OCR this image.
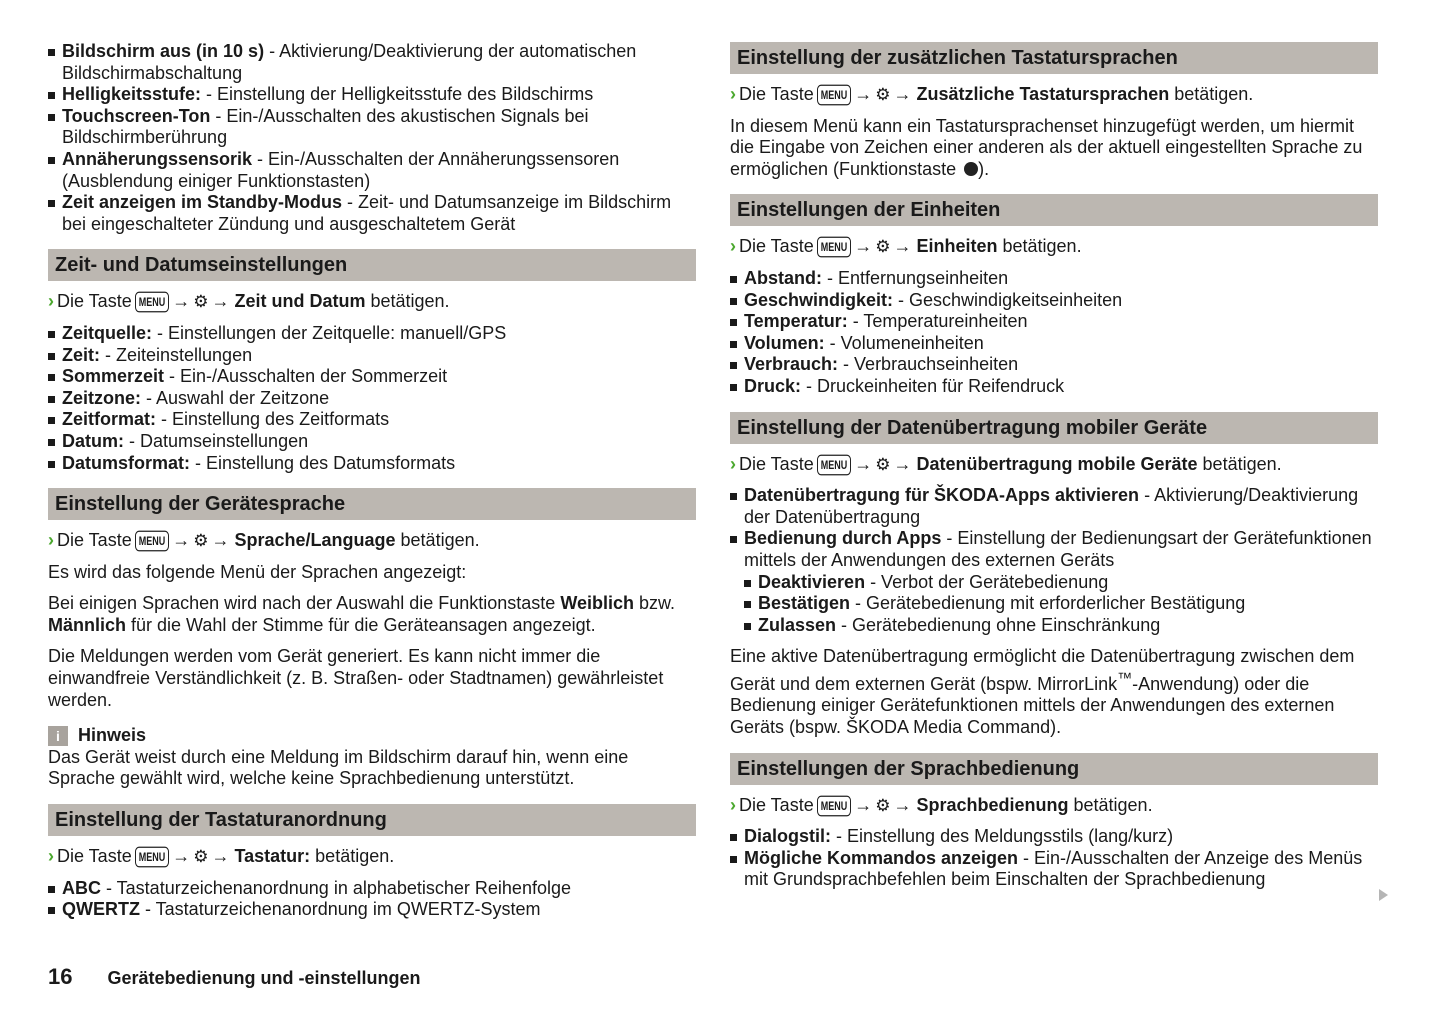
Bildschirm aus (in 10 s) - Aktivierung/Deaktivierung der automatischen Bildschirmabschaltung
Helligkeitsstufe: - Einstellung der Helligkeitsstufe des Bildschirms
Touchscreen-Ton - Ein-/Ausschalten des akustischen Signals bei Bildschirmberührung
Annäherungssensorik - Ein-/Ausschalten der Annäherungssensoren (Ausblendung einiger Funktionstasten)
Zeit anzeigen im Standby-Modus - Zeit- und Datumsanzeige im Bildschirm bei eingeschalteter Zündung und ausgeschaltetem Gerät
Zeit- und Datumseinstellungen
› Die Taste MENU → ⚙ → Zeit und Datum betätigen.
Zeitquelle: - Einstellungen der Zeitquelle: manuell/GPS
Zeit: - Zeiteinstellungen
Sommerzeit - Ein-/Ausschalten der Sommerzeit
Zeitzone: - Auswahl der Zeitzone
Zeitformat: - Einstellung des Zeitformats
Datum: - Datumseinstellungen
Datumsformat: - Einstellung des Datumsformats
Einstellung der Gerätesprache
› Die Taste MENU → ⚙ → Sprache/Language betätigen.

Es wird das folgende Menü der Sprachen angezeigt:

Bei einigen Sprachen wird nach der Auswahl die Funktionstaste Weiblich bzw. Männlich für die Wahl der Stimme für die Geräteansagen angezeigt.

Die Meldungen werden vom Gerät generiert. Es kann nicht immer die einwandfreie Verständlichkeit (z. B. Straßen- oder Stadtnamen) gewährleistet werden.

i	Hinweis

Das Gerät weist durch eine Meldung im Bildschirm darauf hin, wenn eine Sprache gewählt wird, welche keine Sprachbedienung unterstützt.

Einstellung der Tastaturanordnung
› Die Taste MENU → ⚙ → Tastatur: betätigen.
ABC - Tastaturzeichenanordnung in alphabetischer Reihenfolge
QWERTZ - Tastaturzeichenanordnung im QWERTZ-System
Einstellung der zusätzlichen Tastatursprachen
› Die Taste MENU → ⚙ → Zusätzliche Tastatursprachen betätigen.

In diesem Menü kann ein Tastatursprachenset hinzugefügt werden, um hiermit die Eingabe von Zeichen einer anderen als der aktuell eingestellten Sprache zu ermöglichen (Funktionstaste ).

Einstellungen der Einheiten
› Die Taste MENU → ⚙ → Einheiten betätigen.
Abstand: - Entfernungseinheiten
Geschwindigkeit: - Geschwindigkeitseinheiten
Temperatur: - Temperatureinheiten
Volumen: - Volumeneinheiten
Verbrauch: - Verbrauchseinheiten
Druck: - Druckeinheiten für Reifendruck
Einstellung der Datenübertragung mobiler Geräte
› Die Taste MENU → ⚙ → Datenübertragung mobile Geräte betätigen.
Datenübertragung für ŠKODA-Apps aktivieren - Aktivierung/Deaktivierung der Datenübertragung
Bedienung durch Apps - Einstellung der Bedienungsart der Gerätefunktionen mittels der Anwendungen des externen Geräts
Deaktivieren - Verbot der Gerätebedienung
Bestätigen - Gerätebedienung mit erforderlicher Bestätigung
Zulassen - Gerätebedienung ohne Einschränkung

Eine aktive Datenübertragung ermöglicht die Datenübertragung zwischen dem Gerät und dem externen Gerät (bspw. MirrorLink™-Anwendung) oder die Bedienung einiger Gerätefunktionen mittels der Anwendungen des externen Geräts (bspw. ŠKODA Media Command).

Einstellungen der Sprachbedienung
› Die Taste MENU → ⚙ → Sprachbedienung betätigen.
Dialogstil: - Einstellung des Meldungsstils (lang/kurz)
Mögliche Kommandos anzeigen - Ein-/Ausschalten der Anzeige des Menüs mit Grundsprachbefehlen beim Einschalten der Sprachbedienung
16 Gerätebedienung und -einstellungen
